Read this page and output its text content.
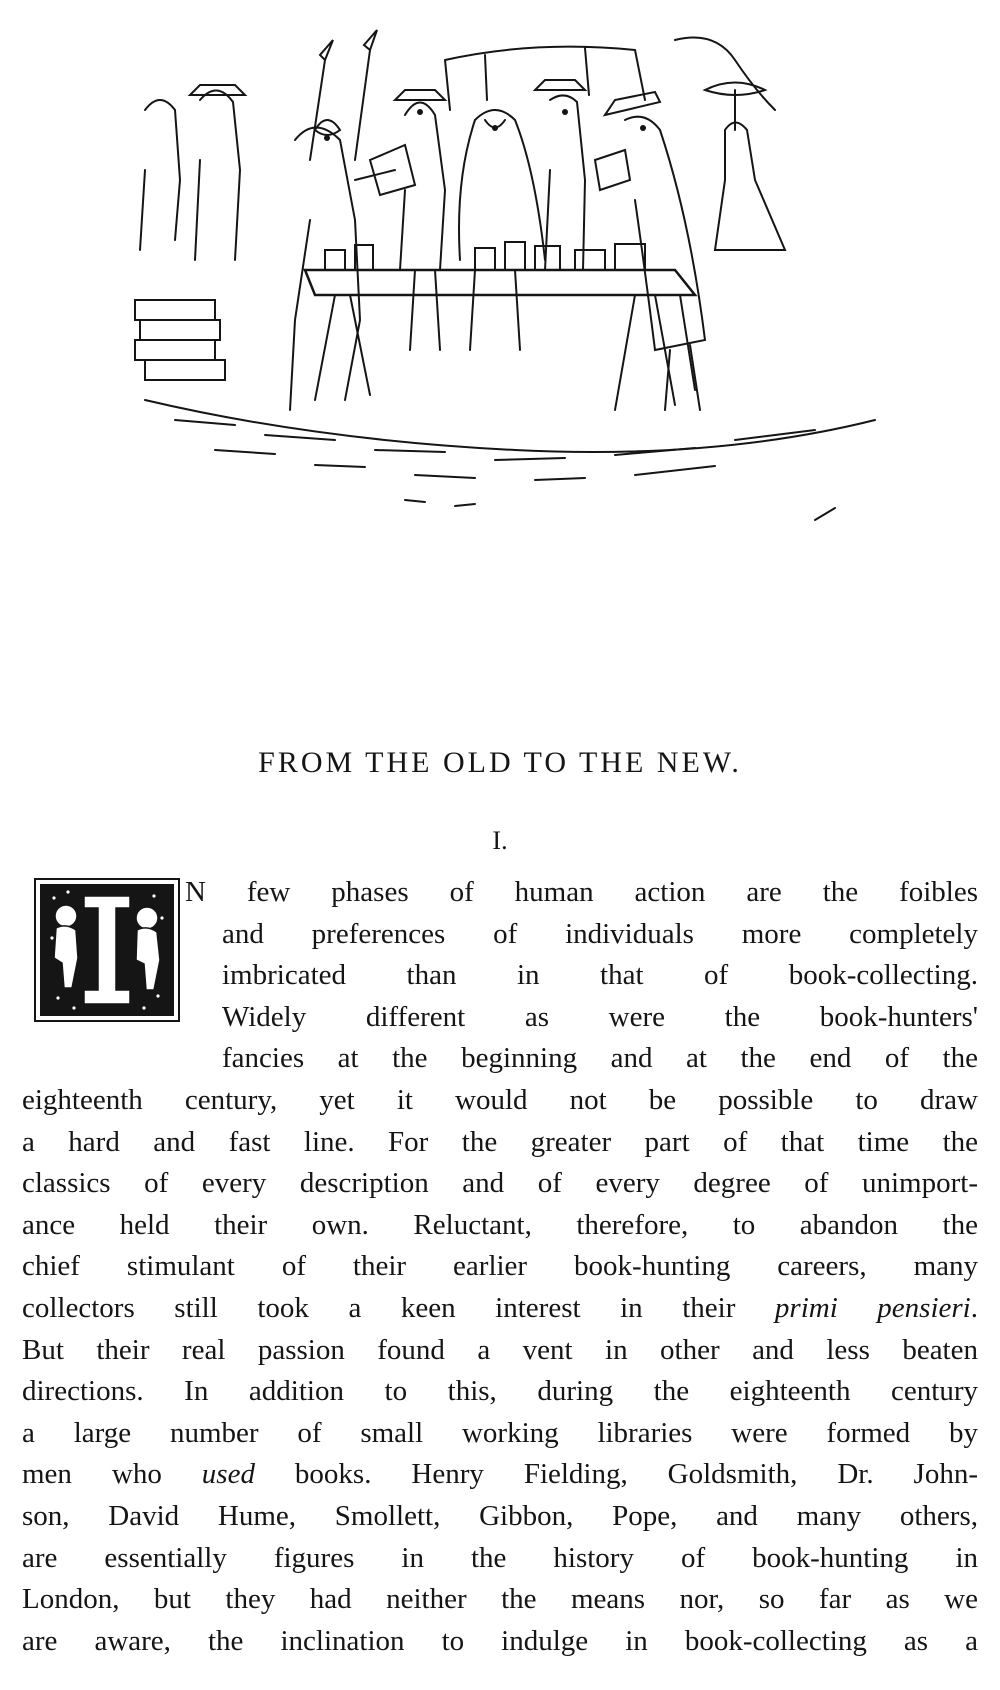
FROM THE OLD TO THE NEW.
I.
N few phases of human action are the foibles
and preferences of individuals more completely
imbricated than in that of book-collecting.
Widely different as were the book-hunters'
fancies at the beginning and at the end of the
eighteenth century, yet it would not be possible to draw
a hard and fast line. For the greater part of that time the
classics of every description and of every degree of unimport-
ance held their own. Reluctant, therefore, to abandon the
chief stimulant of their earlier book-hunting careers, many
collectors still took a keen interest in their primi pensieri.
But their real passion found a vent in other and less beaten
directions. In addition to this, during the eighteenth century
a large number of small working libraries were formed by
men who used books. Henry Fielding, Goldsmith, Dr. John-
son, David Hume, Smollett, Gibbon, Pope, and many others,
are essentially figures in the history of book-hunting in
London, but they had neither the means nor, so far as we
are aware, the inclination to indulge in book-collecting as a
